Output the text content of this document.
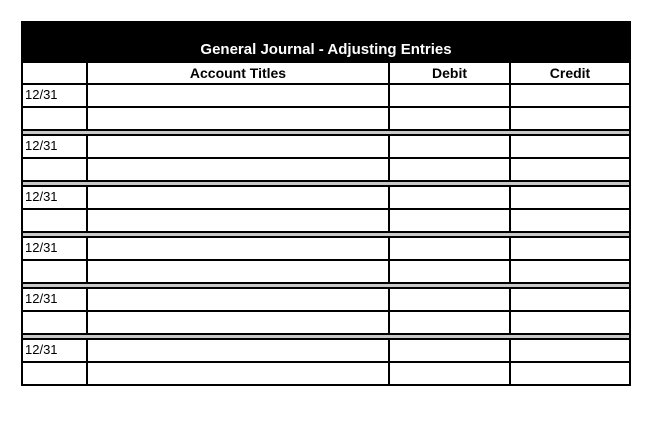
General Journal - Adjusting Entries
Account Titles	Debit	Credit
12/31
12/31
12/31
12/31
12/31
12/31
